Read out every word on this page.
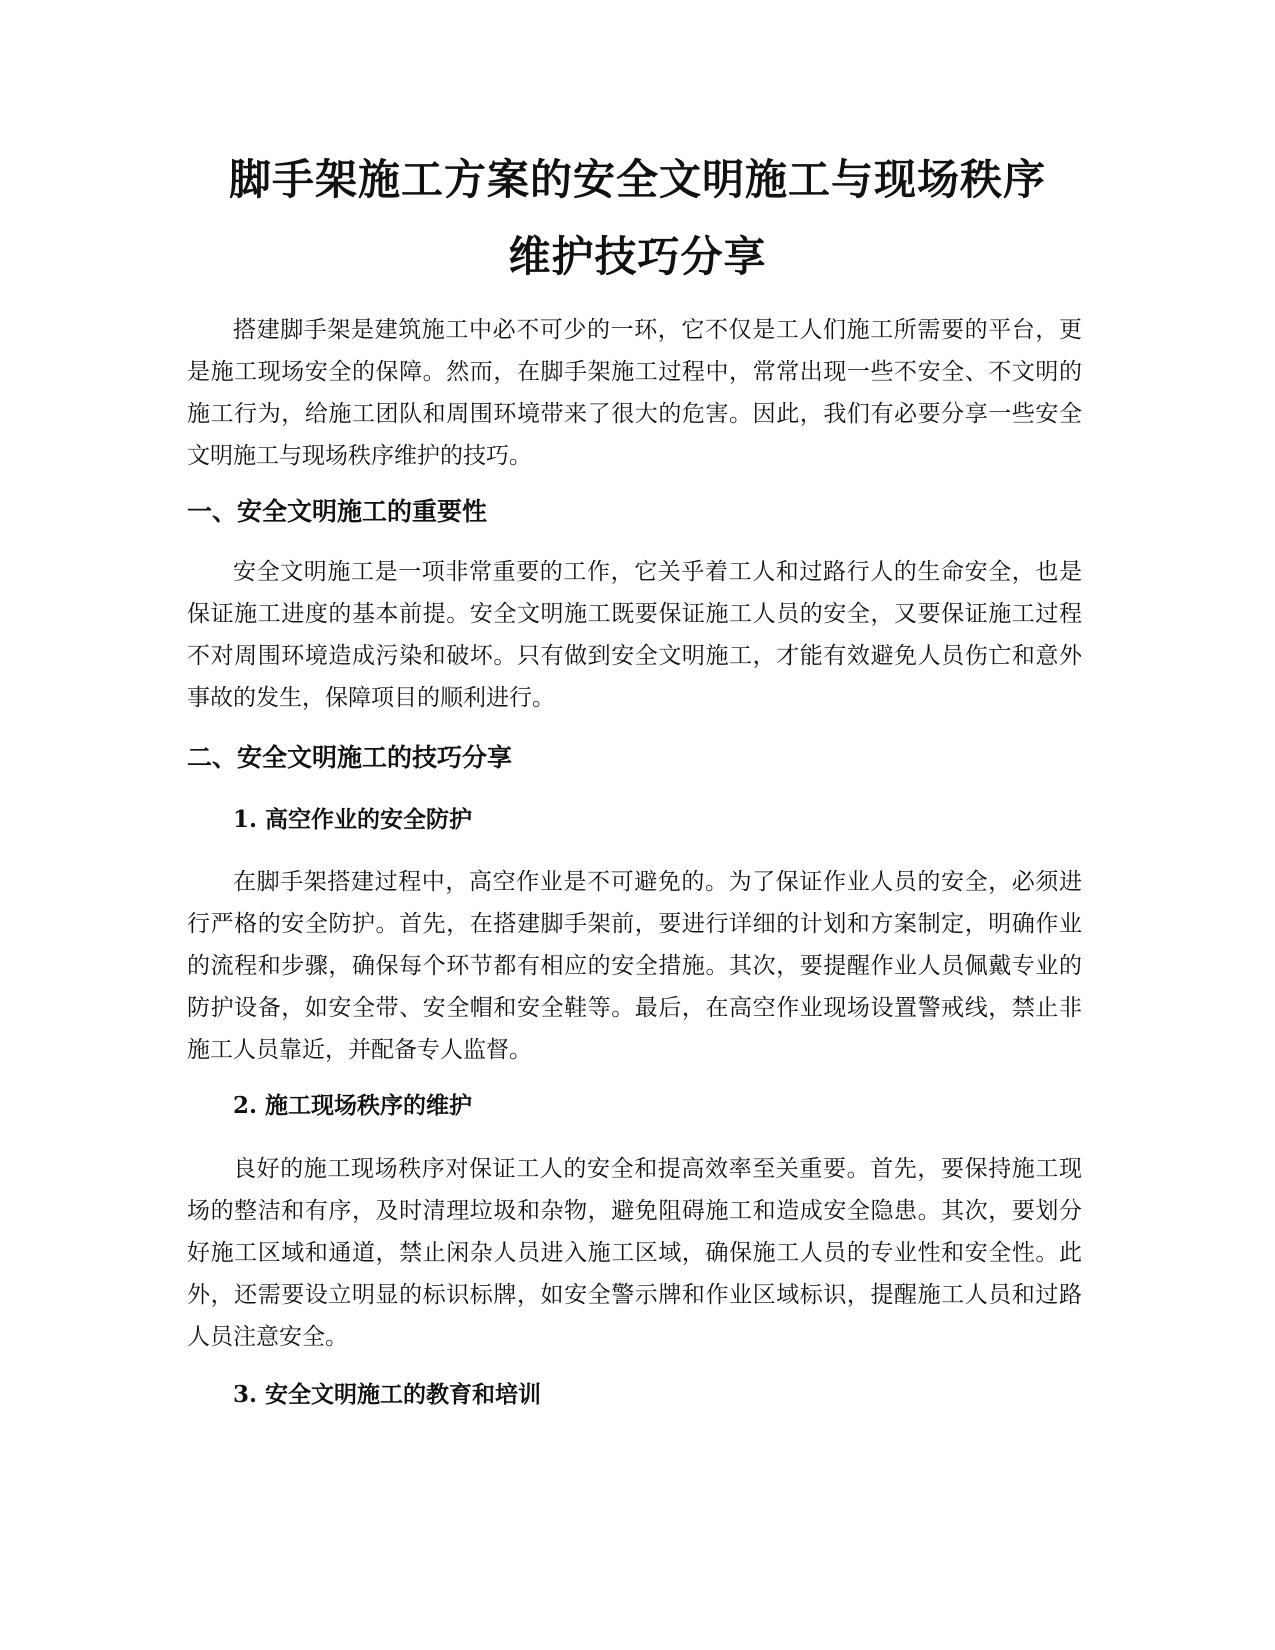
脚手架施工方案的安全文明施工与现场秩序
维护技巧分享

搭建脚手架是建筑施工中必不可少的一环，它不仅是工人们施工所需要的平台，更是施工现场安全的保障。然而，在脚手架施工过程中，常常出现一些不安全、不文明的施工行为，给施工团队和周围环境带来了很大的危害。因此，我们有必要分享一些安全文明施工与现场秩序维护的技巧。

一、安全文明施工的重要性

安全文明施工是一项非常重要的工作，它关乎着工人和过路行人的生命安全，也是保证施工进度的基本前提。安全文明施工既要保证施工人员的安全，又要保证施工过程不对周围环境造成污染和破坏。只有做到安全文明施工，才能有效避免人员伤亡和意外事故的发生，保障项目的顺利进行。

二、安全文明施工的技巧分享
1. 高空作业的安全防护

在脚手架搭建过程中，高空作业是不可避免的。为了保证作业人员的安全，必须进行严格的安全防护。首先，在搭建脚手架前，要进行详细的计划和方案制定，明确作业的流程和步骤，确保每个环节都有相应的安全措施。其次，要提醒作业人员佩戴专业的防护设备，如安全带、安全帽和安全鞋等。最后，在高空作业现场设置警戒线，禁止非施工人员靠近，并配备专人监督。

2. 施工现场秩序的维护

良好的施工现场秩序对保证工人的安全和提高效率至关重要。首先，要保持施工现场的整洁和有序，及时清理垃圾和杂物，避免阻碍施工和造成安全隐患。其次，要划分好施工区域和通道，禁止闲杂人员进入施工区域，确保施工人员的专业性和安全性。此外，还需要设立明显的标识标牌，如安全警示牌和作业区域标识，提醒施工人员和过路人员注意安全。

3. 安全文明施工的教育和培训
